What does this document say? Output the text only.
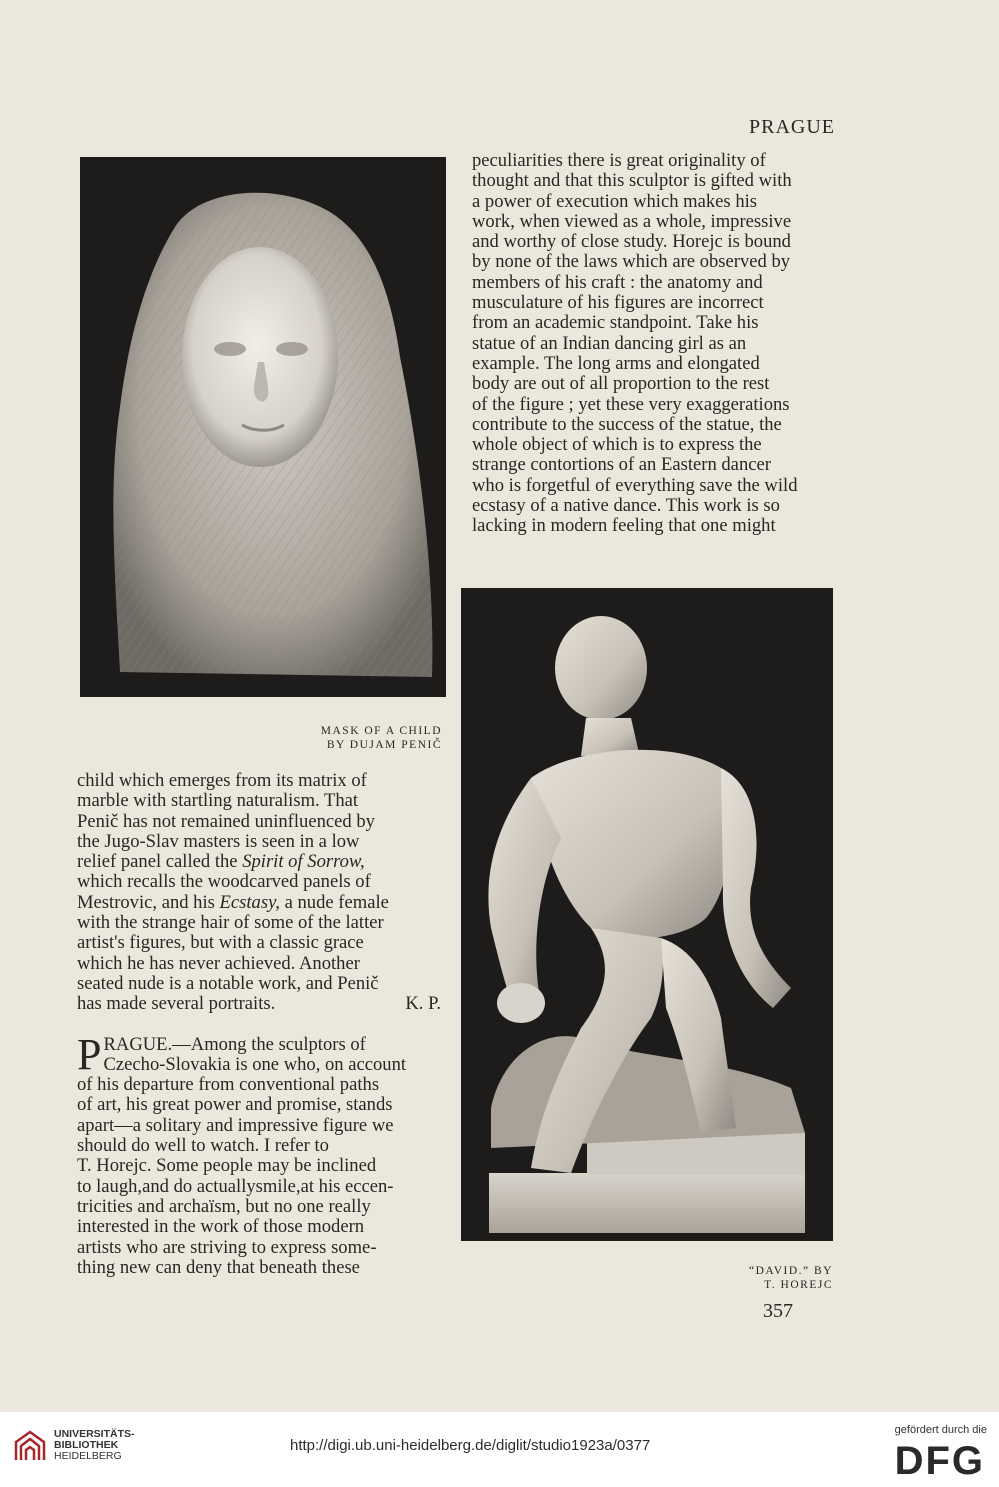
PRAGUE
MASK OF A CHILD
BY DUJAM PENIČ

peculiarities there is great originality of

thought and that this sculptor is gifted with

a power of execution which makes his

work, when viewed as a whole, impressive

and worthy of close study. Horejc is bound

by none of the laws which are observed by

members of his craft : the anatomy and

musculature of his figures are incorrect

from an academic standpoint. Take his

statue of an Indian dancing girl as an

example. The long arms and elongated

body are out of all proportion to the rest

of the figure ; yet these very exaggerations

contribute to the success of the statue, the

whole object of which is to express the

strange contortions of an Eastern dancer

who is forgetful of everything save the wild

ecstasy of a native dance. This work is so

lacking in modern feeling that one might

“DAVID.” BY
T. HOREJC

child which emerges from its matrix of

marble with startling naturalism. That

Penič has not remained uninfluenced by

the Jugo-Slav masters is seen in a low

relief panel called the Spirit of Sorrow,

which recalls the woodcarved panels of

Mestrovic, and his Ecstasy, a nude female

with the strange hair of some of the latter

artist's figures, but with a classic grace

which he has never achieved. Another

seated nude is a notable work, and Penič

has made several portraits.	K. P.

PRAGUE.—Among the sculptors of

Czecho-Slovakia is one who, on account

of his departure from conventional paths

of art, his great power and promise, stands

apart—a solitary and impressive figure we

should do well to watch. I refer to

T. Horejc. Some people may be inclined

to laugh,and do actuallysmile,at his eccen-

tricities and archaïsm, but no one really

interested in the work of those modern

artists who are striving to express some-

thing new can deny that beneath these

357
UNIVERSITÄTS-
BIBLIOTHEK
HEIDELBERG
http://digi.ub.uni-heidelberg.de/diglit/studio1923a/0377
gefördert durch die
DFG
